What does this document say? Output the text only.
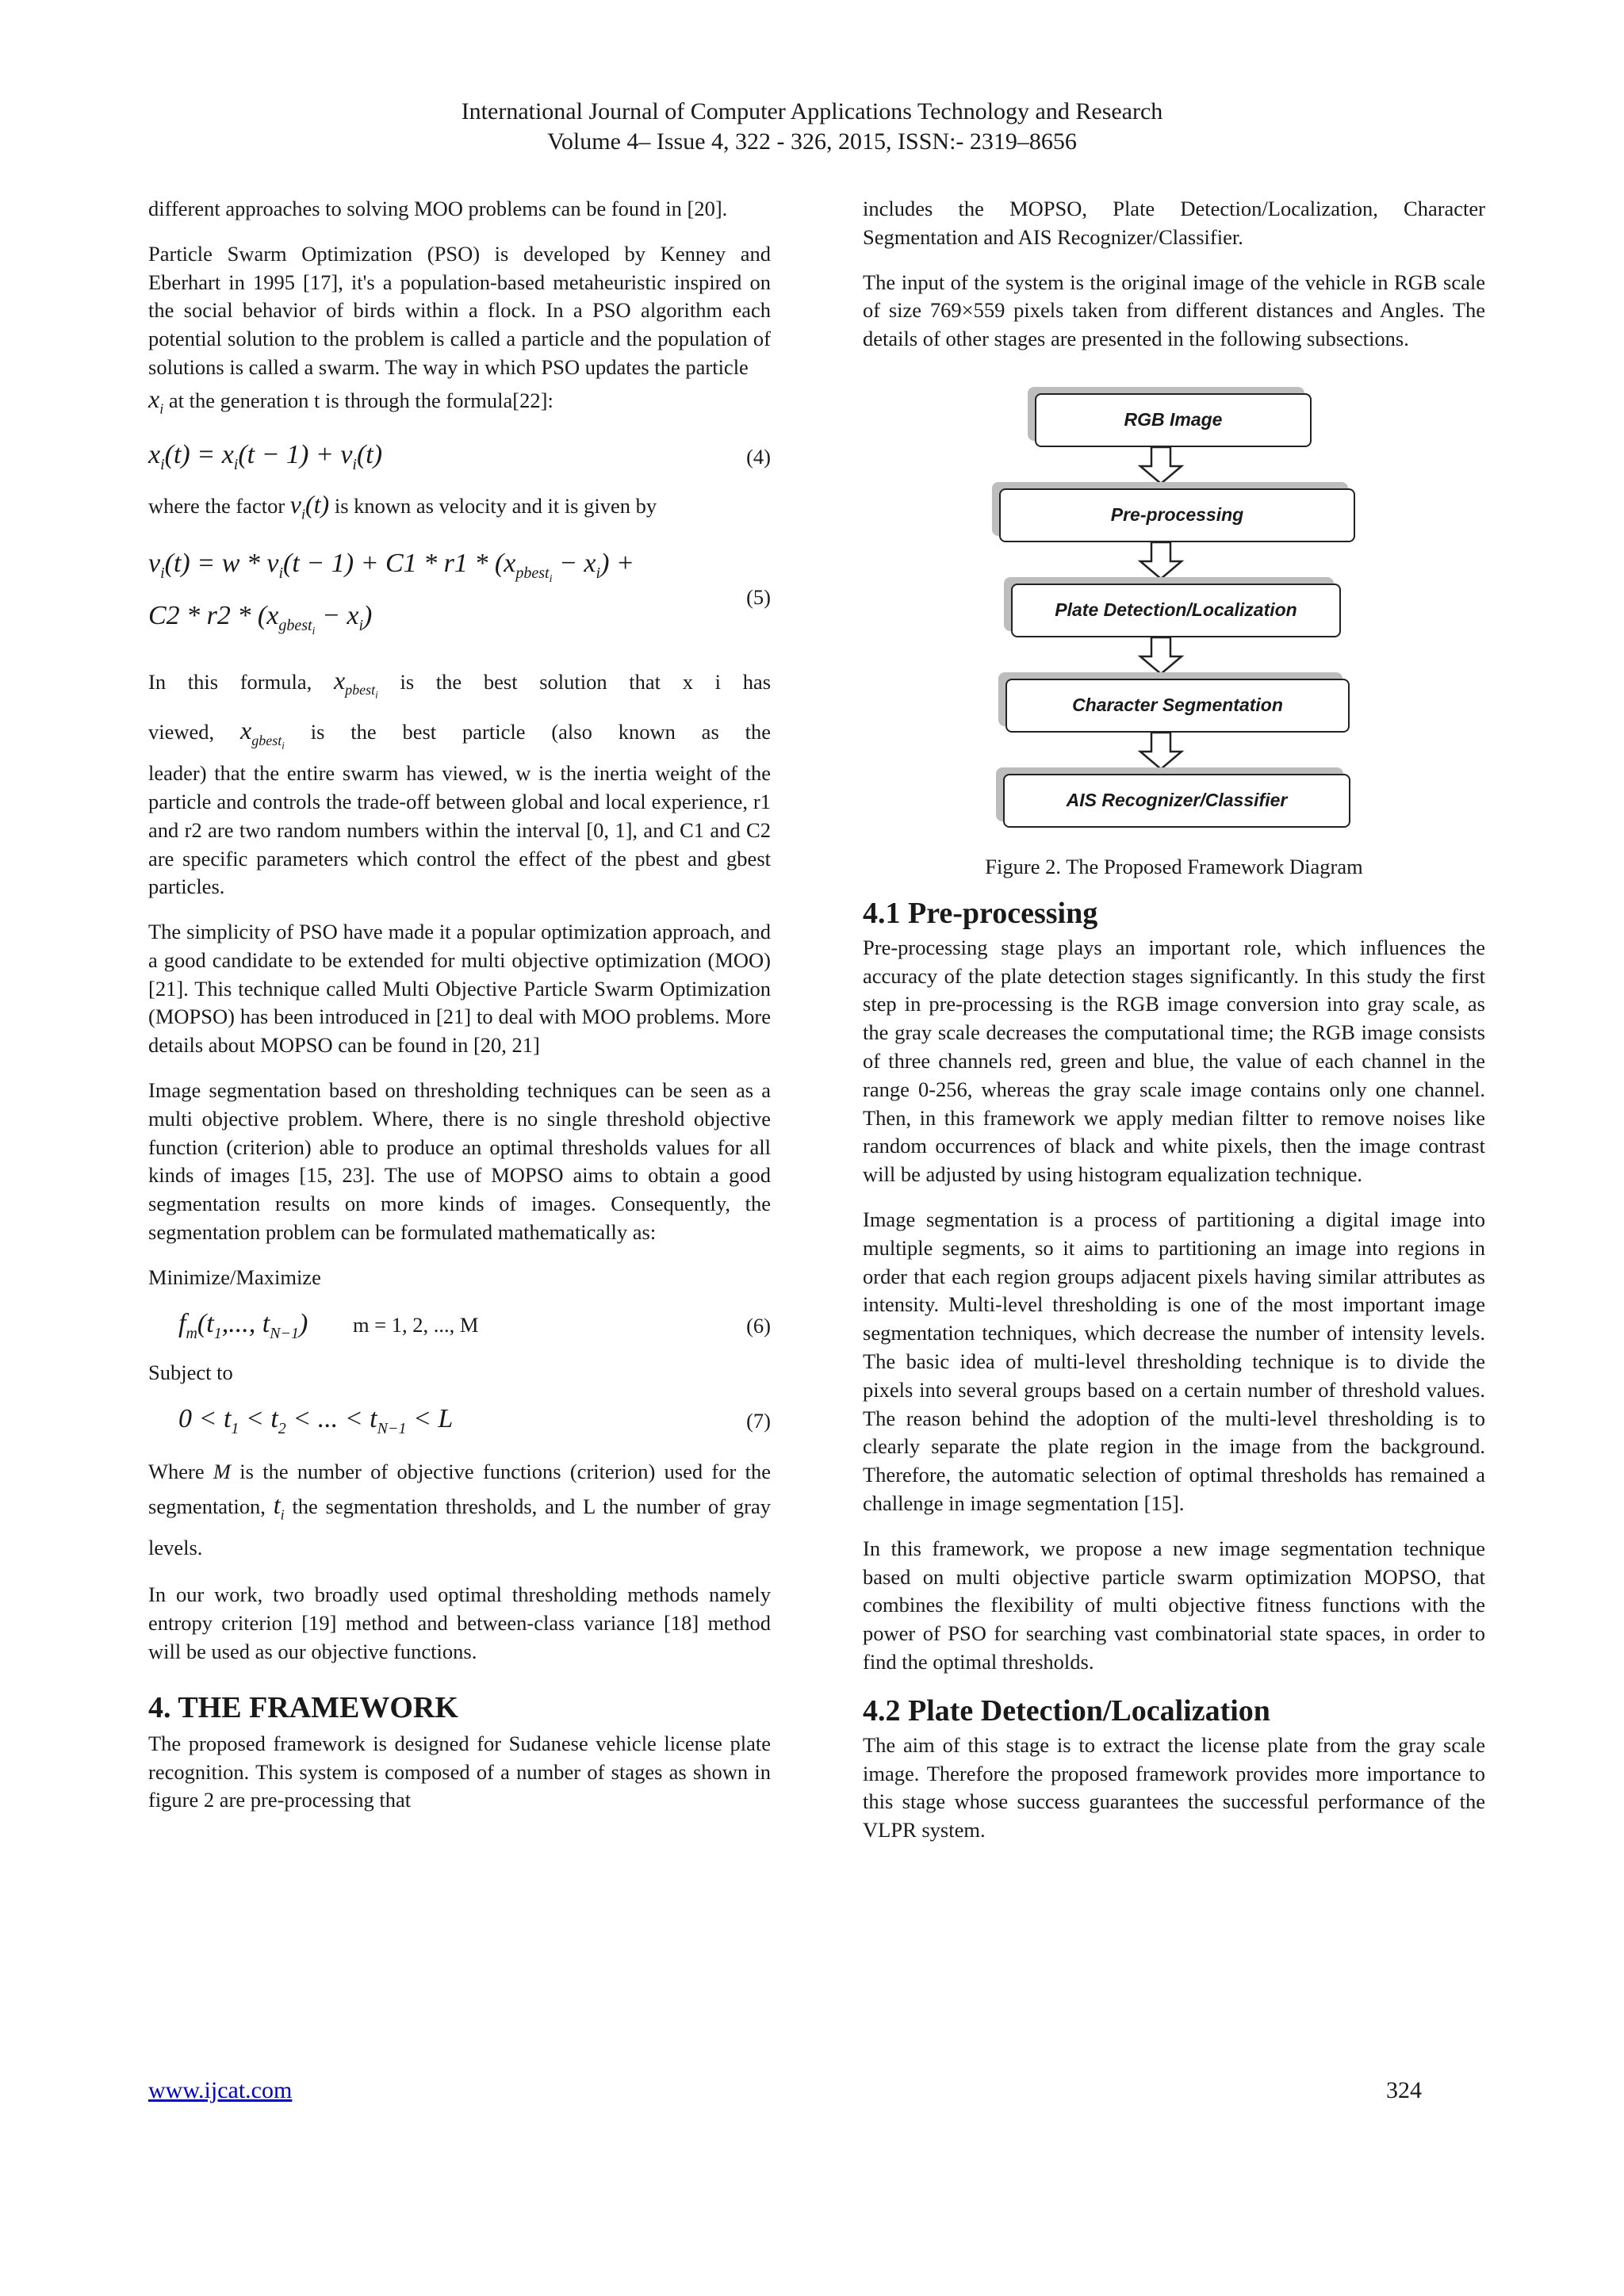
International Journal of Computer Applications Technology and Research
Volume 4– Issue 4, 322 - 326, 2015, ISSN:- 2319–8656

different approaches to solving MOO problems can be found in [20].

Particle Swarm Optimization (PSO) is developed by Kenney and Eberhart in 1995 [17], it's a population-based metaheuristic inspired on the social behavior of birds within a flock. In a PSO algorithm each potential solution to the problem is called a particle and the population of solutions is called a swarm. The way in which PSO updates the particle

$x_i$ at the generation t is through the formula[22]:

$x_i(t) = x_i(t - 1) + v_i(t)$	(4)

where the factor $v_i(t)$ is known as velocity and it is given by

$v_i(t) = w * v_i(t - 1) + C1 * r1 * (x_{pbest_i} - x_i)$ +
$C2 * r2 * (x_{gbest_i} - x_i)$
(5)

In this formula, $x_{pbest_i}$ is the best solution that x i has

viewed, $x_{gbest_i}$ is the best particle (also known as the

leader) that the entire swarm has viewed, w is the inertia weight of the particle and controls the trade-off between global and local experience, r1 and r2 are two random numbers within the interval [0, 1], and C1 and C2 are specific parameters which control the effect of the pbest and gbest particles.

The simplicity of PSO have made it a popular optimization approach, and a good candidate to be extended for multi objective optimization (MOO) [21]. This technique called Multi Objective Particle Swarm Optimization (MOPSO) has been introduced in [21] to deal with MOO problems. More details about MOPSO can be found in [20, 21]

Image segmentation based on thresholding techniques can be seen as a multi objective problem. Where, there is no single threshold objective function (criterion) able to produce an optimal thresholds values for all kinds of images [15, 23]. The use of MOPSO aims to obtain a good segmentation results on more kinds of images. Consequently, the segmentation problem can be formulated mathematically as:

Minimize/Maximize

$f_m(t_1$,..., $t_{N-1}$) m = 1, 2, ..., M	(6)

Subject to

$0 < t_1 < t_2$ < ... < $t_{N-1} < L$	(7)

Where M is the number of objective functions (criterion) used for the segmentation, $t_i$ the segmentation thresholds, and L the number of gray levels.

In our work, two broadly used optimal thresholding methods namely entropy criterion [19] method and between-class variance [18] method will be used as our objective functions.

4. THE FRAMEWORK

The proposed framework is designed for Sudanese vehicle license plate recognition. This system is composed of a number of stages as shown in figure 2 are pre-processing that

includes the MOPSO, Plate Detection/Localization, Character Segmentation and AIS Recognizer/Classifier.

The input of the system is the original image of the vehicle in RGB scale of size 769×559 pixels taken from different distances and Angles. The details of other stages are presented in the following subsections.

RGB Image
Pre-processing
Plate Detection/Localization
Character Segmentation
AIS Recognizer/Classifier

Figure 2. The Proposed Framework Diagram

4.1 Pre-processing

Pre-processing stage plays an important role, which influences the accuracy of the plate detection stages significantly. In this study the first step in pre-processing is the RGB image conversion into gray scale, as the gray scale decreases the computational time; the RGB image consists of three channels red, green and blue, the value of each channel in the range 0-256, whereas the gray scale image contains only one channel. Then, in this framework we apply median filtter to remove noises like random occurrences of black and white pixels, then the image contrast will be adjusted by using histogram equalization technique.

Image segmentation is a process of partitioning a digital image into multiple segments, so it aims to partitioning an image into regions in order that each region groups adjacent pixels having similar attributes as intensity. Multi-level thresholding is one of the most important image segmentation techniques, which decrease the number of intensity levels. The basic idea of multi-level thresholding technique is to divide the pixels into several groups based on a certain number of threshold values. The reason behind the adoption of the multi-level thresholding is to clearly separate the plate region in the image from the background. Therefore, the automatic selection of optimal thresholds has remained a challenge in image segmentation [15].

In this framework, we propose a new image segmentation technique based on multi objective particle swarm optimization MOPSO, that combines the flexibility of multi objective fitness functions with the power of PSO for searching vast combinatorial state spaces, in order to find the optimal thresholds.

4.2 Plate Detection/Localization

The aim of this stage is to extract the license plate from the gray scale image. Therefore the proposed framework provides more importance to this stage whose success guarantees the successful performance of the VLPR system.

www.ijcat.com	324
